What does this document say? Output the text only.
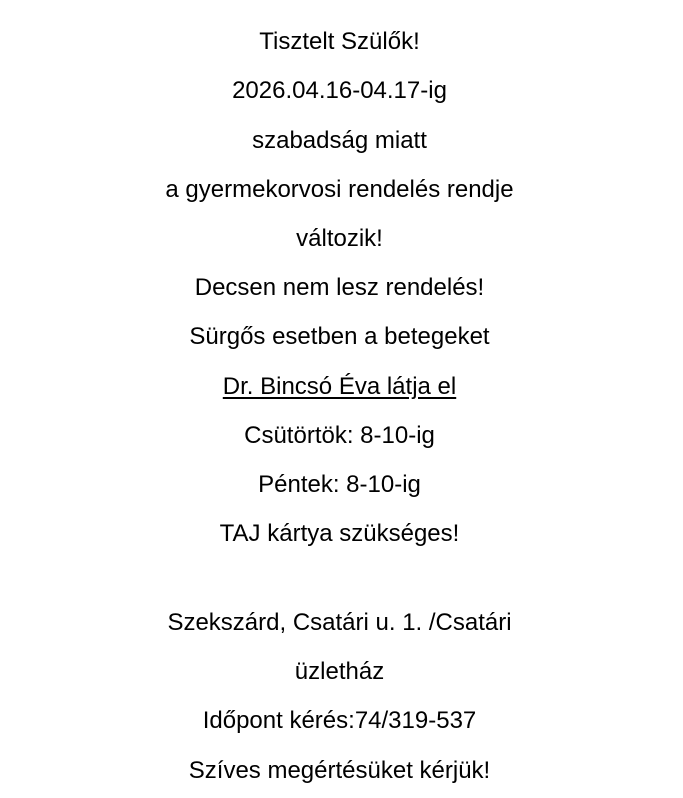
Tisztelt Szülők!
2026.04.16-04.17-ig
szabadság miatt
a gyermekorvosi rendelés rendje
változik!
Decsen nem lesz rendelés!
Sürgős esetben a betegeket
Dr. Bincsó Éva látja el
Csütörtök: 8-10-ig
Péntek: 8-10-ig
TAJ kártya szükséges!
Szekszárd, Csatári u. 1. /Csatári
üzletház
Időpont kérés:74/319-537
Szíves megértésüket kérjük!
